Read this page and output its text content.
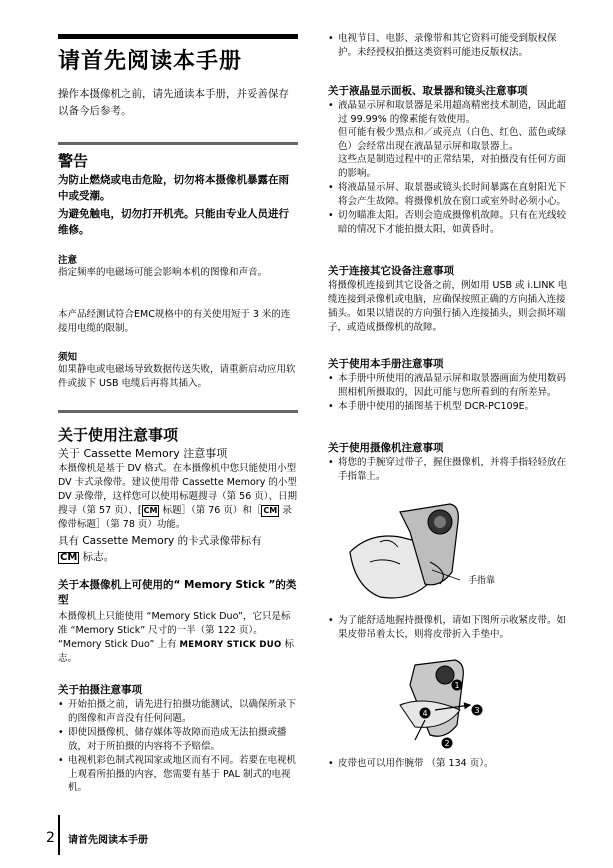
请首先阅读本手册
操作本摄像机之前，请先通读本手册，并妥善保存以备今后参考。
警告
为防止燃烧或电击危险，切勿将本摄像机暴露在雨中或受潮。
为避免触电，切勿打开机壳。只能由专业人员进行维修。
注意
指定频率的电磁场可能会影响本机的图像和声音。
本产品经测试符合EMC规格中的有关使用短于 3 米的连接用电缆的限制。
须知
如果静电或电磁场导致数据传送失败，请重新启动应用软件或拔下 USB 电缆后再将其插入。
关于使用注意事项
关于 Cassette Memory 注意事项
本摄像机是基于 DV 格式。在本摄像机中您只能使用小型 DV 卡式录像带。建议使用带 Cassette Memory 的小型 DV 录像带，这样您可以使用标题搜寻（第 56 页）、日期搜寻（第 57 页）、[ CM 标题］（第 76 页）和［ CM 录像带标题］（第 78 页）功能。
具有 Cassette Memory 的卡式录像带标有
CM 标志。
关于本摄像机上可使用的“ Memory Stick ”的类型
本摄像机上只能使用 “Memory Stick Duo”，它只是标准 “Memory Stick” 尺寸的一半（第 122 页）。 “Memory Stick Duo” 上有 MEMORY STICK DUO 标志。
关于拍摄注意事项
• 开始拍摄之前，请先进行拍摄功能测试，以确保所录下的图像和声音没有任何问题。
• 即使因摄像机、储存媒体等故障而造成无法拍摄或播放，对于所拍摄的内容将不予赔偿。
• 电视机彩色制式视国家或地区而有不同。若要在电视机上观看所拍摄的内容，您需要有基于 PAL 制式的电视机。
• 电视节目、电影、录像带和其它资料可能受到版权保护。未经授权拍摄这类资料可能违反版权法。
关于液晶显示面板、取景器和镜头注意事项
• 液晶显示屏和取景器是采用超高精密技术制造，因此超过 99.99% 的像素能有效使用。
但可能有极少黑点和／或亮点（白色、红色、蓝色或绿色）会经常出现在液晶显示屏和取景器上。
这些点是制造过程中的正常结果，对拍摄没有任何方面的影响。
• 将液晶显示屏、取景器或镜头长时间暴露在直射阳光下将会产生故障。将摄像机放在窗口或室外时必须小心。
• 切勿瞄准太阳。否则会造成摄像机故障。只有在光线较暗的情况下才能拍摄太阳，如黄昏时。
关于连接其它设备注意事项
将摄像机连接到其它设备之前，例如用 USB 或 i.LINK 电缆连接到录像机或电脑，应确保按照正确的方向插入连接插头。如果以错误的方向强行插入连接插头，则会损坏端子，或造成摄像机的故障。
关于使用本手册注意事项
• 本手册中所使用的液晶显示屏和取景器画面为使用数码照相机所摄取的，因此可能与您所看到的有所差异。
• 本手册中使用的插图基于机型 DCR-PC109E。
关于使用摄像机注意事项
• 将您的手腕穿过带子，握住摄像机，并将手指轻轻放在手指靠上。
手指靠
• 为了能舒适地握持摄像机，请如下图所示收紧皮带。如果皮带吊着太长，则将皮带折入手垫中。
1
2
3
4
• 皮带也可以用作腕带 （第 134 页）。
2 请首先阅读本手册
